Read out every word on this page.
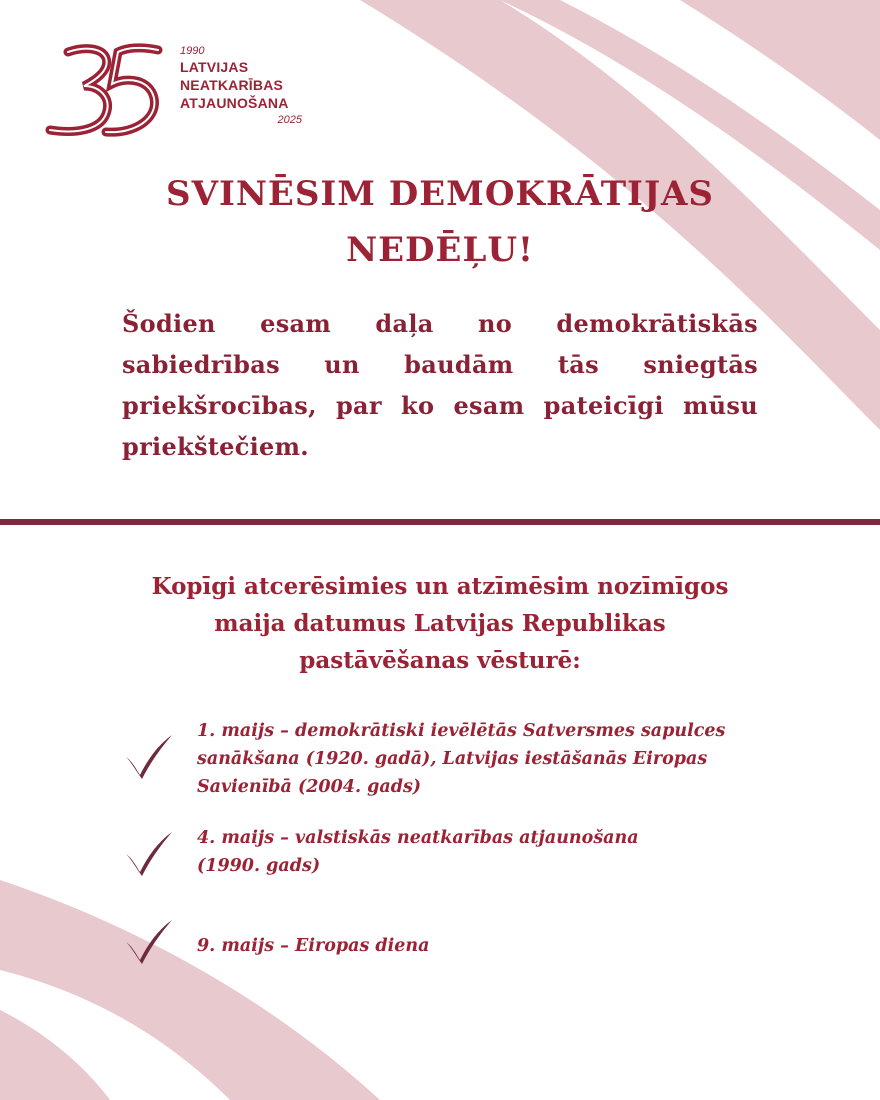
1990
LATVIJAS
NEATKARĪBAS
ATJAUNOŠANA
2025
SVINĒSIM DEMOKRĀTIJAS
NEDĒĻU!
Šodien esam daļa no demokrātiskās sabiedrības un baudām tās sniegtās priekšrocības, par ko esam pateicīgi mūsu priekštečiem.
Kopīgi atcerēsimies un atzīmēsim nozīmīgos
maija datumus Latvijas Republikas
pastāvēšanas vēsturē:
1. maijs – demokrātiski ievēlētās Satversmes sapulces
sanākšana (1920. gadā), Latvijas iestāšanās Eiropas
Savienībā (2004. gads)
4. maijs – valstiskās neatkarības atjaunošana
(1990. gads)
9. maijs – Eiropas diena
